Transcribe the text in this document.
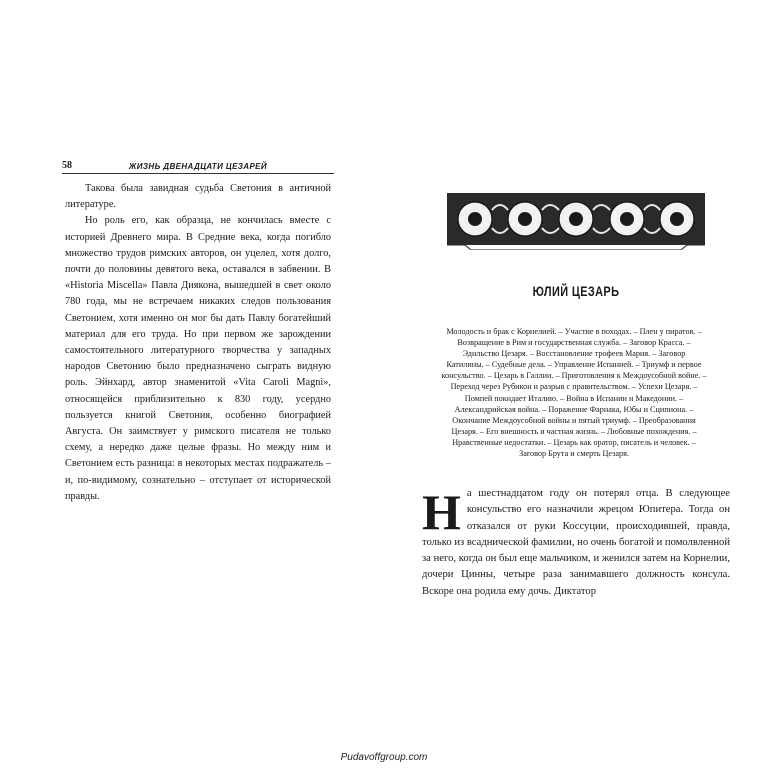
58	ЖИЗНЬ ДВЕНАДЦАТИ ЦЕЗАРЕЙ

Такова была завидная судьба Светония в античной литературе.

Но роль его, как образца, не кончилась вместе с историей Древнего мира. В Средние века, когда погибло множество трудов римских авторов, он уцелел, хотя долго, почти до половины девятого века, оставался в забвении. В «Historia Miscella» Павла Диякона, вышедшей в свет около 780 года, мы не встречаем никаких следов пользования Светонием, хотя именно он мог бы дать Павлу богатейший материал для его труда. Но при первом же зарождении самостоятельного литературного творчества у западных народов Светонию было предназначено сыграть видную роль. Эйнхард, автор знаменитой «Vita Caroli Magni», относящейся приблизительно к 830 году, усердно пользуется книгой Светония, особенно биографией Августа. Он заимствует у римского писателя не только схему, а нередко даже целые фразы. Но между ним и Светонием есть разница: в некоторых местах подражатель – и, по-видимому, сознательно – отступает от исторической правды.

ЮЛИЙ ЦЕЗАРЬ
Молодость и брак с Корнелией. – Участие в походах. – Плен у пиратов. –
Возвращение в Рим и государственная служба. – Заговор Красса. –
Эдильство Цезаря. – Восстановление трофеев Мария. – Заговор
Катилины. – Судебные дела. – Управление Испанией. – Триумф и первое
консульство. – Цезарь в Галлии. – Приготовления к Междоусобной войне. –
Переход через Рубикон и разрыв с правительством. – Успехи Цезаря. –
Помпей покидает Италию. – Война в Испании и Македонии. –
Александрийская война. – Поражение Фарнака, Юбы и Сципиона. –
Окончание Междоусобной войны и пятый триумф. – Преобразования
Цезаря. – Его внешность и частная жизнь. – Любовные похождения. –
Нравственные недостатки. – Цезарь как оратор, писатель и человек. –
Заговор Брута и смерть Цезаря.
Н а шестнадцатом году он потерял отца. В следующее консульство его назначили жрецом Юпитера. Тогда он отказался от руки Коссуции, происходившей, правда, только из всаднической фамилии, но очень богатой и помолвленной за него, когда он был еще мальчиком, и женился затем на Корнелии, дочери Цинны, четыре раза занимавшего должность консула. Вскоре она родила ему дочь. Диктатор
Pudavoffgroup.com
